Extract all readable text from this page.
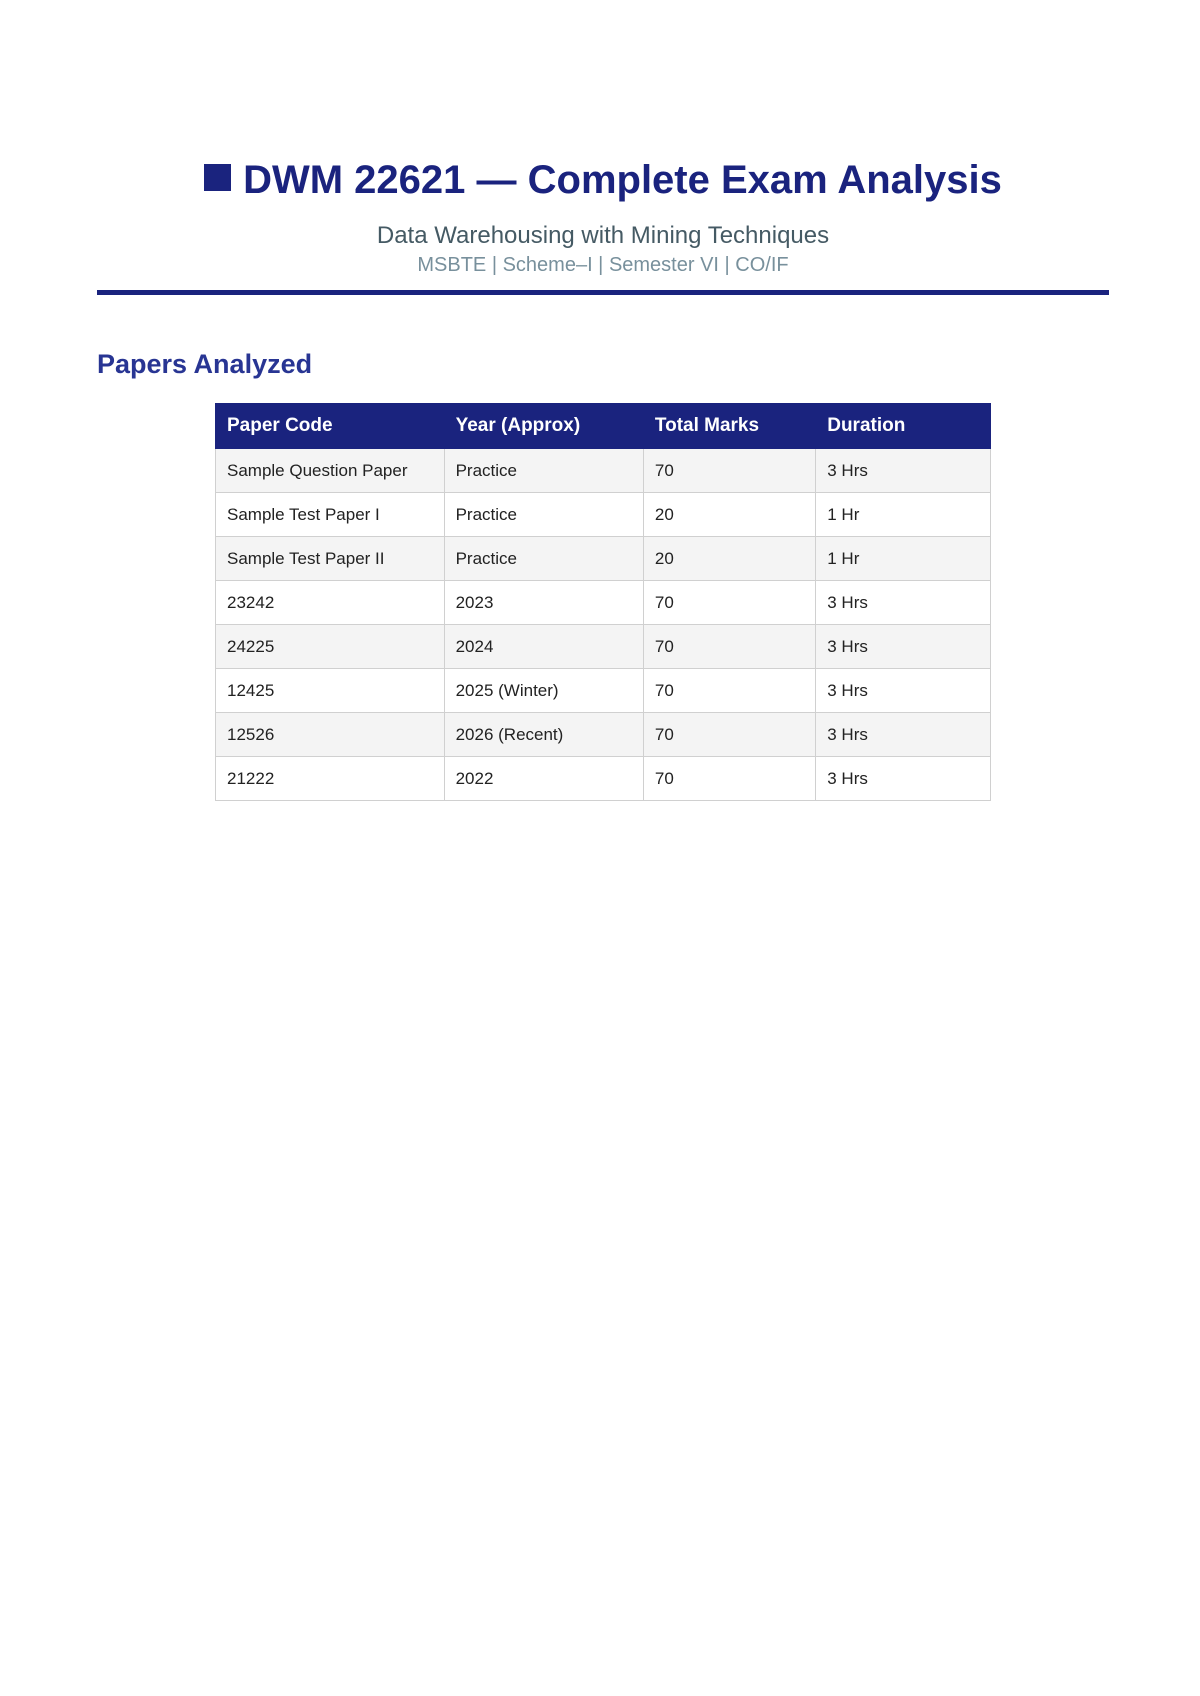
DWM 22621 — Complete Exam Analysis
Data Warehousing with Mining Techniques
MSBTE | Scheme–I | Semester VI | CO/IF
Papers Analyzed
Paper Code	Year (Approx)	Total Marks	Duration
Sample Question Paper	Practice	70	3 Hrs
Sample Test Paper I	Practice	20	1 Hr
Sample Test Paper II	Practice	20	1 Hr
23242	2023	70	3 Hrs
24225	2024	70	3 Hrs
12425	2025 (Winter)	70	3 Hrs
12526	2026 (Recent)	70	3 Hrs
21222	2022	70	3 Hrs
